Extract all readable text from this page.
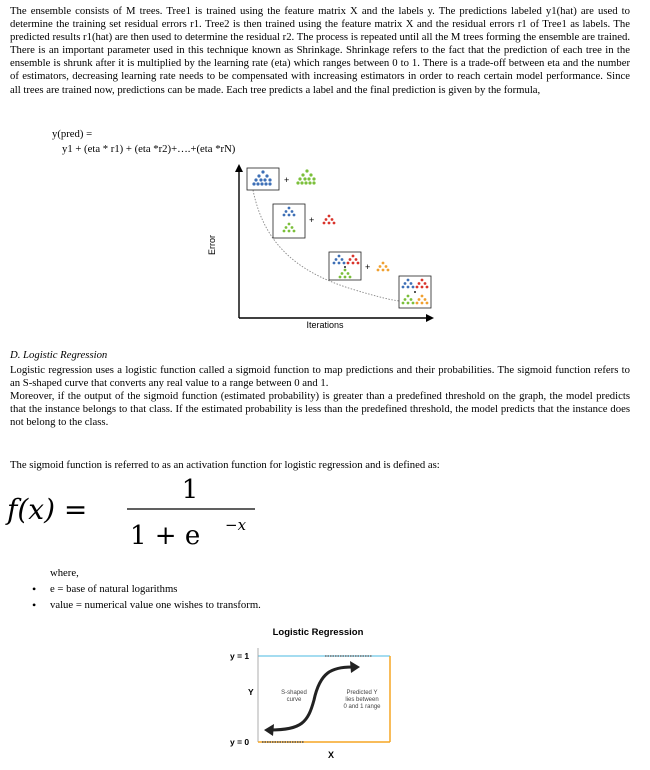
The ensemble consists of M trees. Tree1 is trained using the feature matrix X and the labels y. The predictions labeled y1(hat) are used to determine the training set residual errors r1. Tree2 is then trained using the feature matrix X and the residual errors r1 of Tree1 as labels. The predicted results r1(hat) are then used to determine the residual r2. The process is repeated until all the M trees forming the ensemble are trained. There is an important parameter used in this technique known as Shrinkage. Shrinkage refers to the fact that the prediction of each tree in the ensemble is shrunk after it is multiplied by the learning rate (eta) which ranges between 0 to 1. There is a trade-off between eta and the number of estimators, decreasing learning rate needs to be compensated with increasing estimators in order to reach certain model performance. Since all trees are trained now, predictions can be made. Each tree predicts a label and the final prediction is given by the formula,

y(pred) =
y1 + (eta * r1) + (eta *r2)+….+(eta *rN)
Error
Iterations
+
+
+
D. Logistic Regression

Logistic regression uses a logistic function called a sigmoid function to map predictions and their probabilities. The sigmoid function refers to an S-shaped curve that converts any real value to a range between 0 and 1.

Moreover, if the output of the sigmoid function (estimated probability) is greater than a predefined threshold on the graph, the model predicts that the instance belongs to that class. If the estimated probability is less than the predefined threshold, the model predicts that the instance does not belong to the class.

The sigmoid function is referred to as an activation function for logistic regression and is defined as:

f(x) =
1
1 + e −x
where,
• e = base of natural logarithms
• value = numerical value one wishes to transform.
Logistic Regression
y = 1
y = 0
Y
X
S-shaped
curve
Predicted Y
lies between
0 and 1 range
